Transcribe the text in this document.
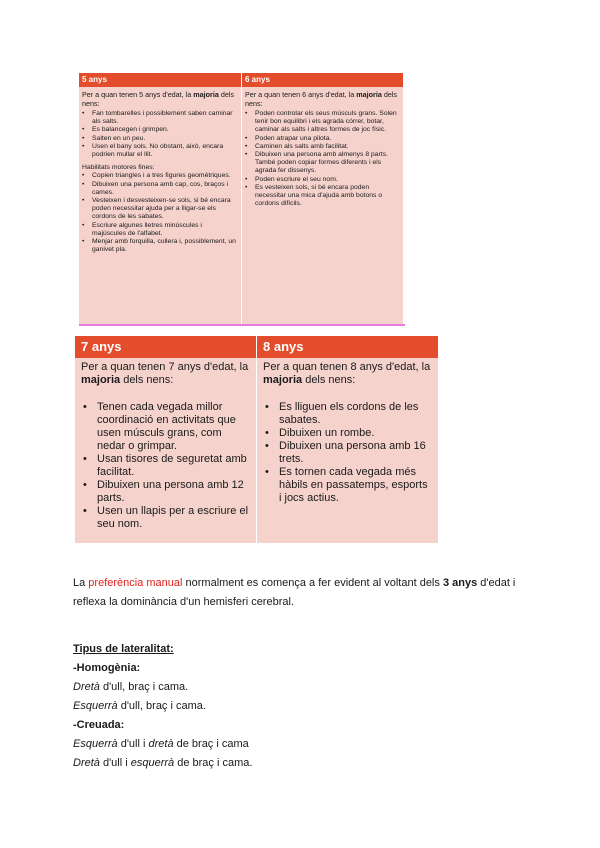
5 anys
Per a quan tenen 5 anys d'edat, la majoria dels nens:
• Fan tombarelles i possiblement saben caminar als salts.
• Es balancegen i grimpen.
• Salten en un peu.
• Usen el bany sols. No obstant, això, encara podrien mullar el llit.
Habilitats motores fines:
• Copien triangles i a tres figures geomètriques.
• Dibuixen una persona amb cap, cos, braços i cames.
• Vesteixen i desvesteixen-se sols, si bé encara poden necessitar ajuda per a lligar-se els cordons de les sabates.
• Escriure algunes lletres minúscules i majúscules de l'alfabet.
• Menjar amb forquilla, cullera i, possiblement, un ganivet pla.
6 anys
Per a quan tenen 6 anys d'edat, la majoria dels nens:
• Poden controlar els seus músculs grans. Solen tenir bon equilibri i els agrada córrer, botar, caminar als salts i altres formes de joc físic.
• Poden atrapar una pilota.
• Caminen als salts amb facilitat.
• Dibuixen una persona amb almenys 8 parts. També poden copiar formes diferents i els agrada fer dissenys.
• Poden escriure el seu nom.
• Es vesteixen sols, si bé encara poden necessitar una mica d'ajuda amb botons o cordons difícils.
7 anys
Per a quan tenen 7 anys d'edat, la majoria dels nens:
• Tenen cada vegada millor coordinació en activitats que usen músculs grans, com nedar o grimpar.
• Usan tisores de seguretat amb facilitat.
• Dibuixen una persona amb 12 parts.
• Usen un llapis per a escriure el seu nom.
8 anys
Per a quan tenen 8 anys d'edat, la majoria dels nens:
• Es lliguen els cordons de les sabates.
• Dibuixen un rombe.
• Dibuixen una persona amb 16 trets.
• Es tornen cada vegada més hàbils en passatemps, esports i jocs actius.
La preferència manual normalment es comença a fer evident al voltant dels 3 anys d'edat i reflexa la dominància d'un hemisferi cerebral.
Tipus de lateralitat:
-Homogènia:
Dretà d'ull, braç i cama.
Esquerrà d'ull, braç i cama.
-Creuada:
Esquerrà d'ull i dretà de braç i cama
Dretà d'ull i esquerrà de braç i cama.
